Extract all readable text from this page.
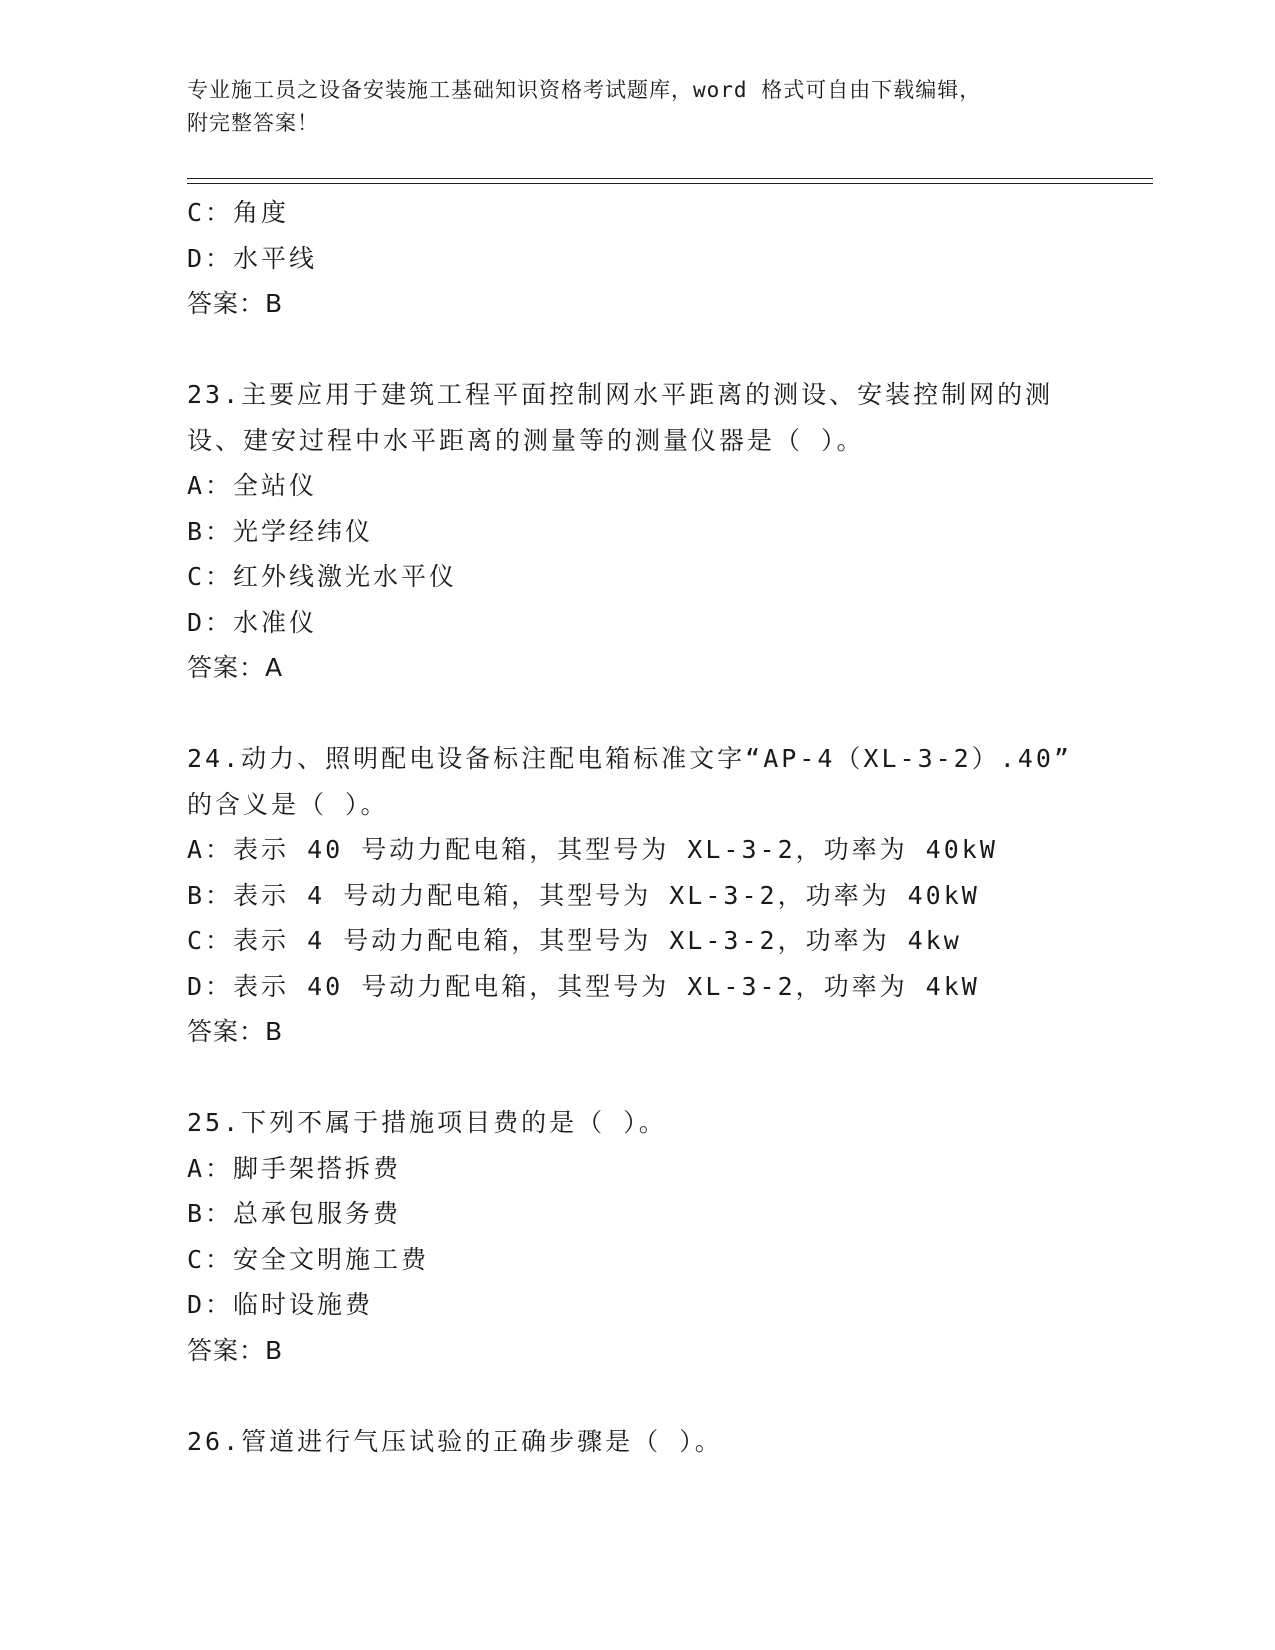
专业施工员之设备安装施工基础知识资格考试题库，word 格式可自由下载编辑，
附完整答案！
C：角度
D：水平线
答案：B
23.主要应用于建筑工程平面控制网水平距离的测设、安装控制网的测
设、建安过程中水平距离的测量等的测量仪器是（ ）。
A：全站仪
B：光学经纬仪
C：红外线激光水平仪
D：水准仪
答案：A
24.动力、照明配电设备标注配电箱标准文字“AP-4（XL-3-2）.40”
的含义是（ ）。
A：表示 40 号动力配电箱，其型号为 XL-3-2，功率为 40kW
B：表示 4 号动力配电箱，其型号为 XL-3-2，功率为 40kW
C：表示 4 号动力配电箱，其型号为 XL-3-2，功率为 4kw
D：表示 40 号动力配电箱，其型号为 XL-3-2，功率为 4kW
答案：B
25.下列不属于措施项目费的是（ ）。
A：脚手架搭拆费
B：总承包服务费
C：安全文明施工费
D：临时设施费
答案：B
26.管道进行气压试验的正确步骤是（ ）。
